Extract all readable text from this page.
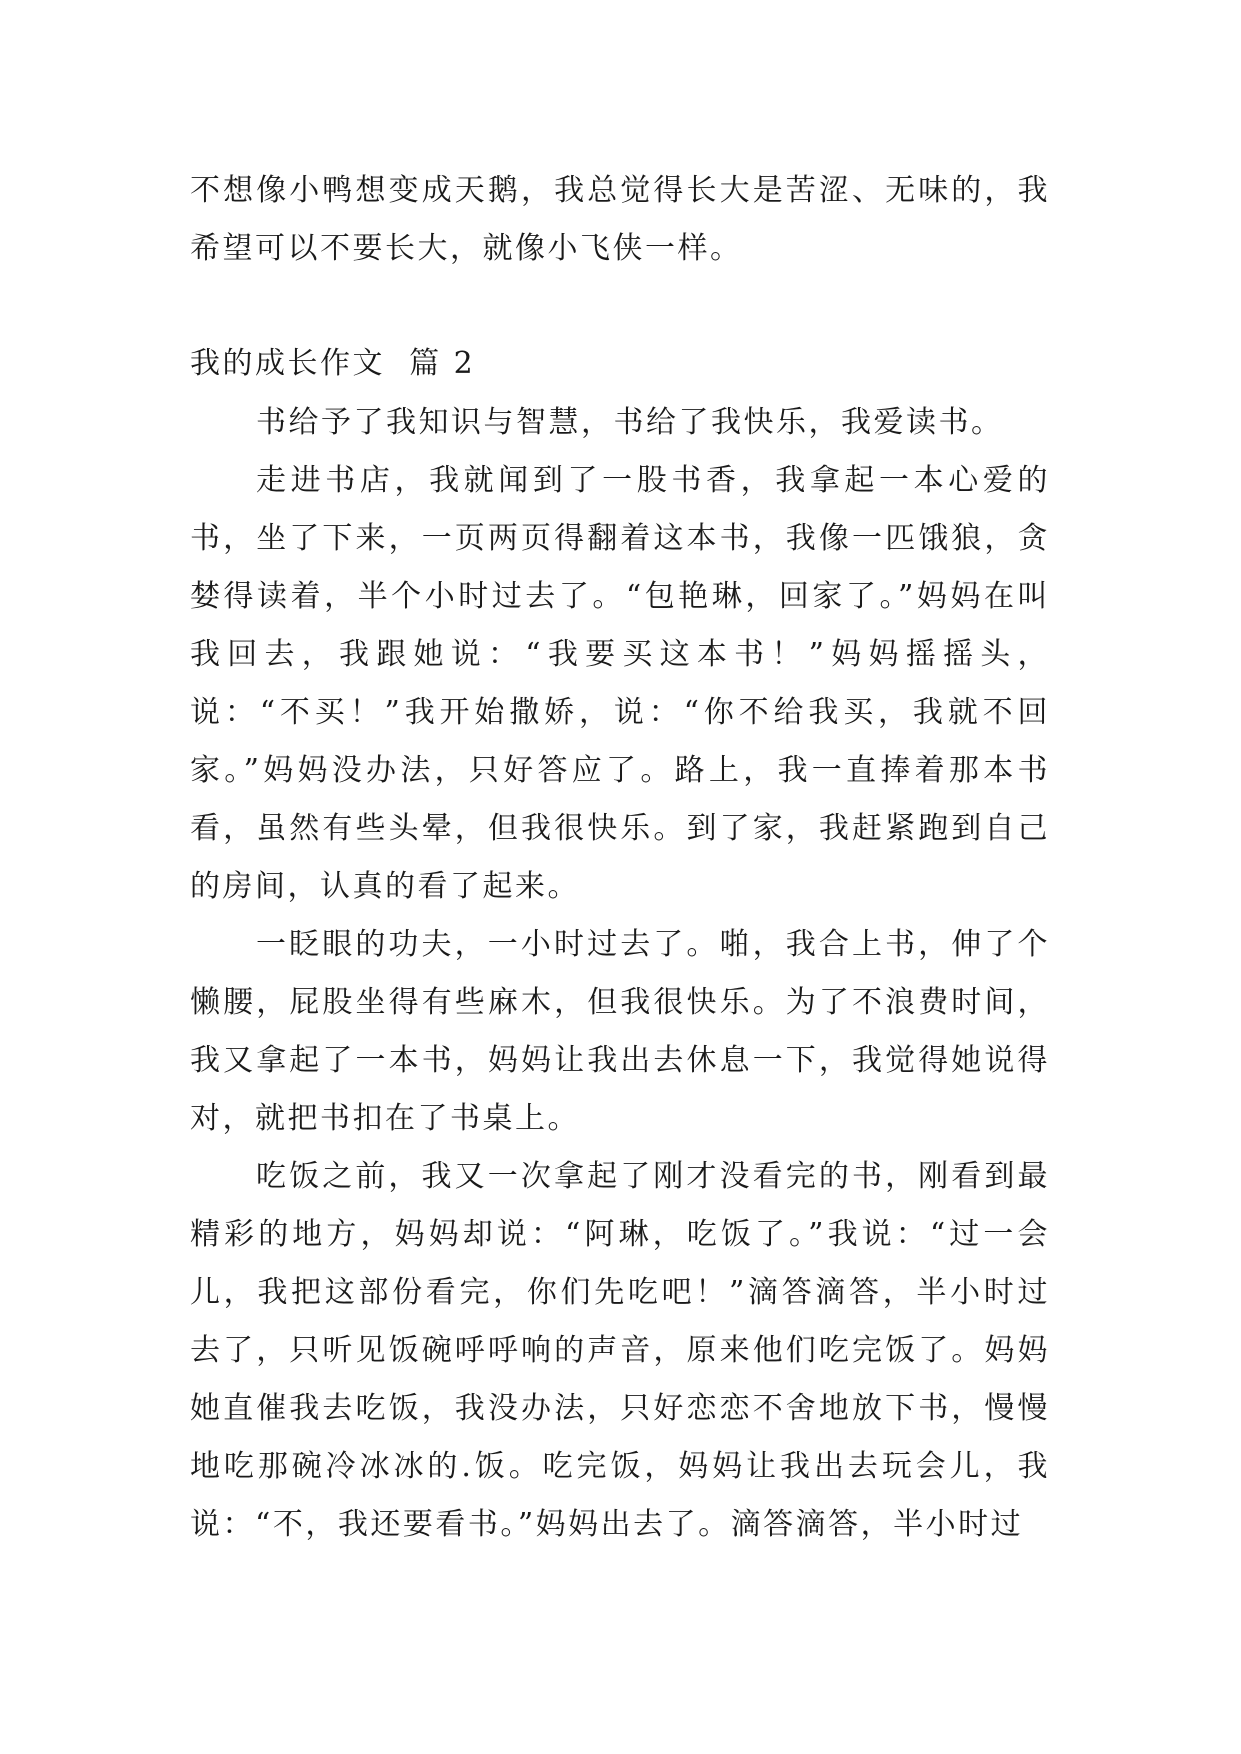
不想像小鸭想变成天鹅，我总觉得长大是苦涩、无味的，我希望可以不要长大，就像小飞侠一样。

我的成长作文  篇 2

书给予了我知识与智慧，书给了我快乐，我爱读书。

走进书店，我就闻到了一股书香，我拿起一本心爱的书，坐了下来，一页两页得翻着这本书，我像一匹饿狼，贪婪得读着，半个小时过去了。“包艳琳，回家了。”妈妈在叫我回去，我跟她说：“我要买这本书！”妈妈摇摇头，说：“不买！”我开始撒娇，说：“你不给我买，我就不回家。”妈妈没办法，只好答应了。路上，我一直捧着那本书看，虽然有些头晕，但我很快乐。到了家，我赶紧跑到自己的房间，认真的看了起来。

一眨眼的功夫，一小时过去了。啪，我合上书，伸了个懒腰，屁股坐得有些麻木，但我很快乐。为了不浪费时间，我又拿起了一本书，妈妈让我出去休息一下，我觉得她说得对，就把书扣在了书桌上。

吃饭之前，我又一次拿起了刚才没看完的书，刚看到最精彩的地方，妈妈却说：“阿琳，吃饭了。”我说：“过一会儿，我把这部份看完，你们先吃吧！”滴答滴答，半小时过去了，只听见饭碗呼呼响的声音，原来他们吃完饭了。妈妈她直催我去吃饭，我没办法，只好恋恋不舍地放下书，慢慢地吃那碗冷冰冰的.饭。吃完饭，妈妈让我出去玩会儿，我说：“不，我还要看书。”妈妈出去了。滴答滴答，半小时过
